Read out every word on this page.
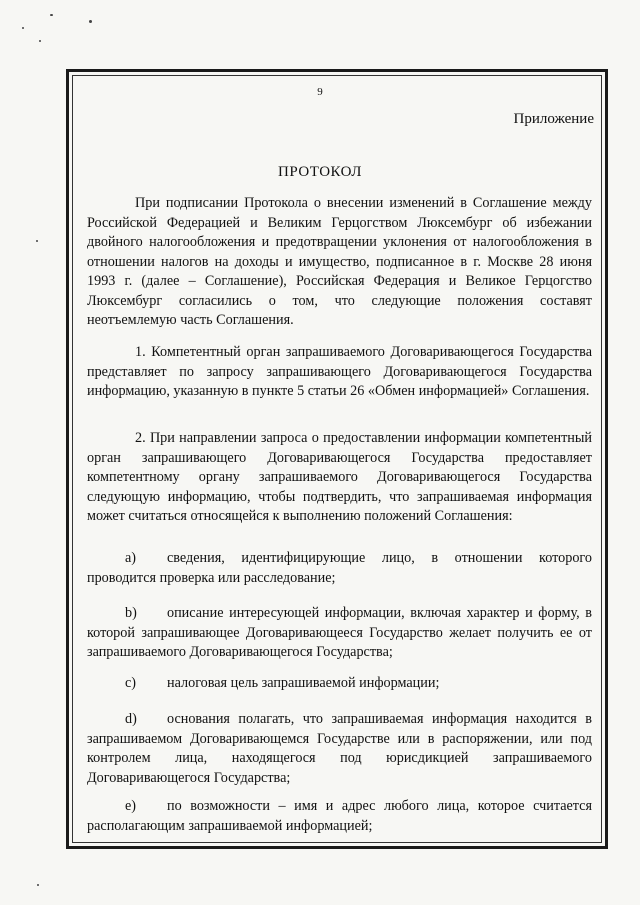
9
Приложение
ПРОТОКОЛ
При подписании Протокола о внесении изменений в Соглашение между Российской Федерацией и Великим Герцогством Люксембург об избежании двойного налогообложения и предотвращении уклонения от налогообложения в отношении налогов на доходы и имущество, подписанное в г. Москве 28 июня 1993 г. (далее – Соглашение), Российская Федерация и Великое Герцогство Люксембург согласились о том, что следующие положения составят неотъемлемую часть Соглашения.
1. Компетентный орган запрашиваемого Договаривающегося Государства представляет по запросу запрашивающего Договаривающегося Государства информацию, указанную в пункте 5 статьи 26 «Обмен информацией» Соглашения.
2. При направлении запроса о предоставлении информации компетентный орган запрашивающего Договаривающегося Государства предоставляет компетентному органу запрашиваемого Договаривающегося Государства следующую информацию, чтобы подтвердить, что запрашиваемая информация может считаться относящейся к выполнению положений Соглашения:
a) сведения, идентифицирующие лицо, в отношении которого проводится проверка или расследование;
b) описание интересующей информации, включая характер и форму, в которой запрашивающее Договаривающееся Государство желает получить ее от запрашиваемого Договаривающегося Государства;
c) налоговая цель запрашиваемой информации;
d) основания полагать, что запрашиваемая информация находится в запрашиваемом Договаривающемся Государстве или в распоряжении, или под контролем лица, находящегося под юрисдикцией запрашиваемого Договаривающегося Государства;
e) по возможности – имя и адрес любого лица, которое считается располагающим запрашиваемой информацией;
